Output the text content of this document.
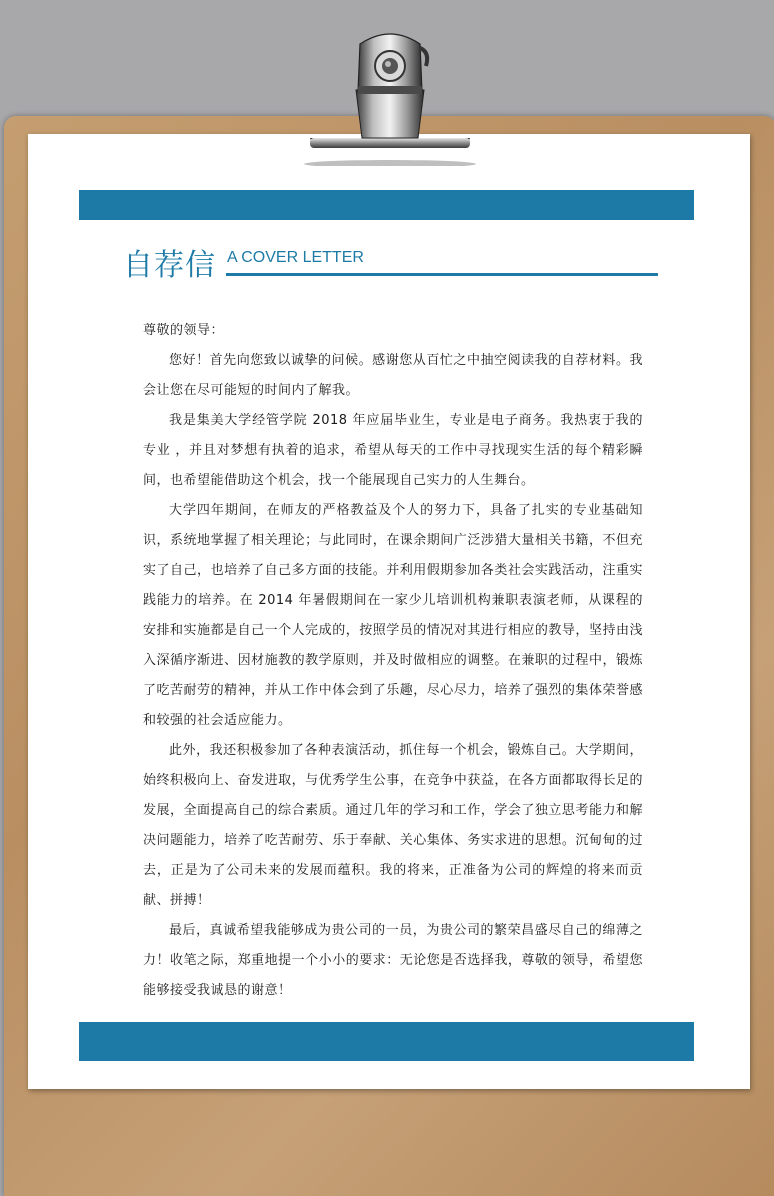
自荐信 A COVER LETTER

尊敬的领导：

您好！首先向您致以诚挚的问候。感谢您从百忙之中抽空阅读我的自荐材料。我会让您在尽可能短的时间内了解我。

我是集美大学经管学院 2018 年应届毕业生，专业是电子商务。我热衷于我的专业 ，并且对梦想有执着的追求，希望从每天的工作中寻找现实生活的每个精彩瞬间，也希望能借助这个机会，找一个能展现自己实力的人生舞台。

大学四年期间，在师友的严格教益及个人的努力下，具备了扎实的专业基础知识，系统地掌握了相关理论；与此同时，在课余期间广泛涉猎大量相关书籍，不但充实了自己，也培养了自己多方面的技能。并利用假期参加各类社会实践活动，注重实践能力的培养。在 2014 年暑假期间在一家少儿培训机构兼职表演老师，从课程的安排和实施都是自己一个人完成的，按照学员的情况对其进行相应的教导，坚持由浅入深循序渐进、因材施教的教学原则，并及时做相应的调整。在兼职的过程中，锻炼了吃苦耐劳的精神，并从工作中体会到了乐趣，尽心尽力，培养了强烈的集体荣誉感和较强的社会适应能力。

此外，我还积极参加了各种表演活动，抓住每一个机会，锻炼自己。大学期间，始终积极向上、奋发进取，与优秀学生公事，在竞争中获益，在各方面都取得长足的发展，全面提高自己的综合素质。通过几年的学习和工作，学会了独立思考能力和解决问题能力，培养了吃苦耐劳、乐于奉献、关心集体、务实求进的思想。沉甸甸的过去，正是为了公司未来的发展而蕴积。我的将来，正准备为公司的辉煌的将来而贡献、拼搏！

最后，真诚希望我能够成为贵公司的一员，为贵公司的繁荣昌盛尽自己的绵薄之力！收笔之际，郑重地提一个小小的要求：无论您是否选择我，尊敬的领导，希望您能够接受我诚恳的谢意！
